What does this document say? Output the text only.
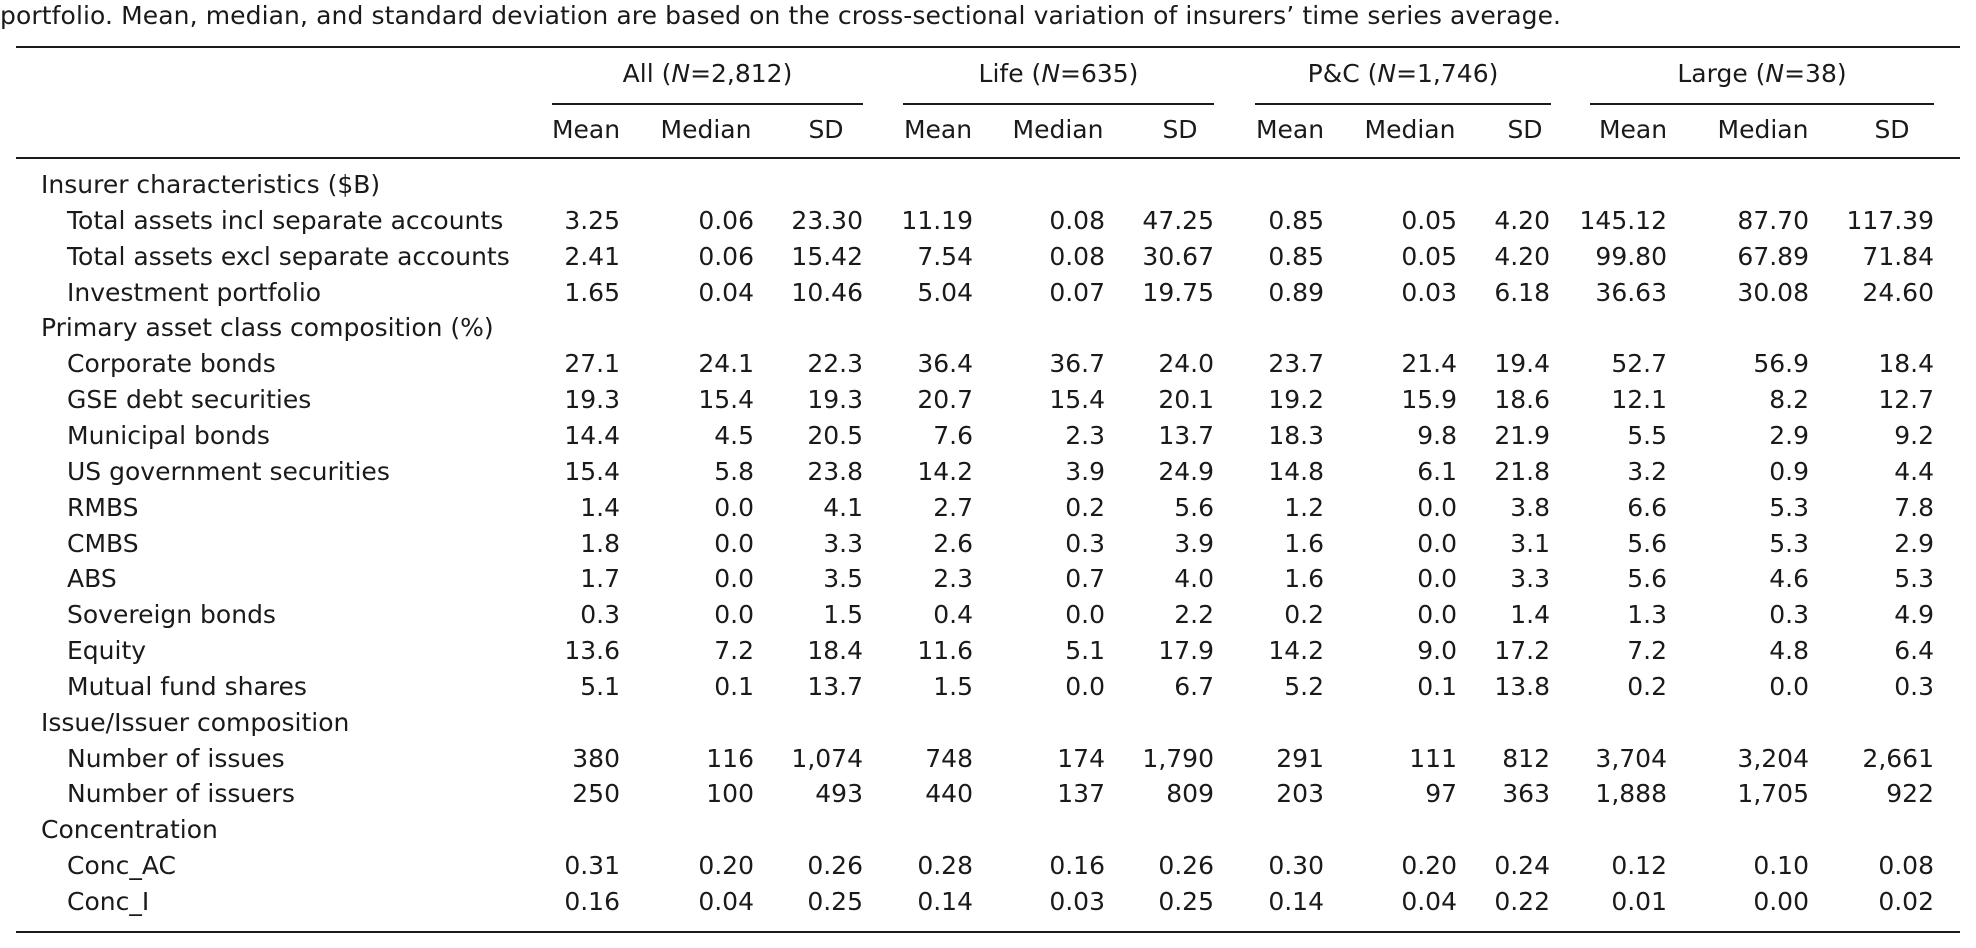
portfolio. Mean, median, and standard deviation are based on the cross-sectional variation of insurers’ time series average.
All (N=2,812)	Life (N=635)	P&C (N=1,746)	Large (N=38)
Mean	Median	SD	Mean	Median	SD	Mean	Median	SD	Mean	Median	SD
Insurer characteristics ($B)
Total assets incl separate accounts	3.25	0.06	23.30	11.19	0.08	47.25	0.85	0.05	4.20	145.12	87.70	117.39
Total assets excl separate accounts	2.41	0.06	15.42	7.54	0.08	30.67	0.85	0.05	4.20	99.80	67.89	71.84
Investment portfolio	1.65	0.04	10.46	5.04	0.07	19.75	0.89	0.03	6.18	36.63	30.08	24.60
Primary asset class composition (%)
Corporate bonds	27.1	24.1	22.3	36.4	36.7	24.0	23.7	21.4	19.4	52.7	56.9	18.4
GSE debt securities	19.3	15.4	19.3	20.7	15.4	20.1	19.2	15.9	18.6	12.1	8.2	12.7
Municipal bonds	14.4	4.5	20.5	7.6	2.3	13.7	18.3	9.8	21.9	5.5	2.9	9.2
US government securities	15.4	5.8	23.8	14.2	3.9	24.9	14.8	6.1	21.8	3.2	0.9	4.4
RMBS	1.4	0.0	4.1	2.7	0.2	5.6	1.2	0.0	3.8	6.6	5.3	7.8
CMBS	1.8	0.0	3.3	2.6	0.3	3.9	1.6	0.0	3.1	5.6	5.3	2.9
ABS	1.7	0.0	3.5	2.3	0.7	4.0	1.6	0.0	3.3	5.6	4.6	5.3
Sovereign bonds	0.3	0.0	1.5	0.4	0.0	2.2	0.2	0.0	1.4	1.3	0.3	4.9
Equity	13.6	7.2	18.4	11.6	5.1	17.9	14.2	9.0	17.2	7.2	4.8	6.4
Mutual fund shares	5.1	0.1	13.7	1.5	0.0	6.7	5.2	0.1	13.8	0.2	0.0	0.3
Issue/Issuer composition
Number of issues	380	116	1,074	748	174	1,790	291	111	812	3,704	3,204	2,661
Number of issuers	250	100	493	440	137	809	203	97	363	1,888	1,705	922
Concentration
Conc_AC	0.31	0.20	0.26	0.28	0.16	0.26	0.30	0.20	0.24	0.12	0.10	0.08
Conc_I	0.16	0.04	0.25	0.14	0.03	0.25	0.14	0.04	0.22	0.01	0.00	0.02
